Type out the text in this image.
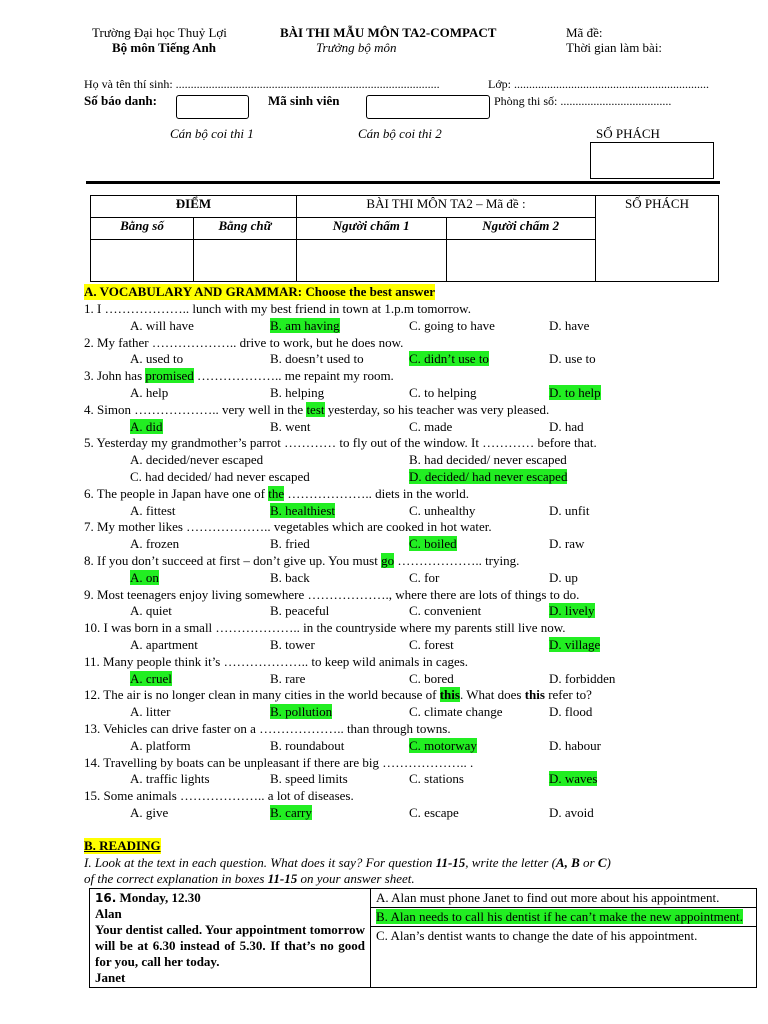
Trường Đại học Thuỷ Lợi
Bộ môn Tiếng Anh
BÀI THI MẪU MÔN TA2-COMPACT
Trưởng bộ môn
Mã đề:
Thời gian làm bài:
Họ và tên thí sinh: ........................................................................................	Lớp: .................................................................
Số báo danh:	Mã sinh viên	Phòng thi số: .....................................
Cán bộ coi thi 1	Cán bộ coi thi 2	SỐ PHÁCH
ĐIỂM		BÀI THI MÔN TA2 – Mã đề :		SỐ PHÁCH
Bằng số	Bằng chữ	Người chấm 1	Người chấm 2	

A. VOCABULARY AND GRAMMAR: Choose the best answer
1. I ……………….. lunch with my best friend in town at 1.p.m tomorrow.
A. will have	B. am having	C. going to have	D. have
2. My father ……………….. drive to work, but he does now.
A. used to	B. doesn’t used to	C. didn’t use to	D. use to
3. John has promised ……………….. me repaint my room.
A. help	B. helping	C. to helping	D. to help
4. Simon ……………….. very well in the test yesterday, so his teacher was very pleased.
A. did	B. went	C. made	D. had
5. Yesterday my grandmother’s parrot ………… to fly out of the window. It ………… before that.
A. decided/never escaped	B. had decided/ never escaped
C. had decided/ had never escaped	D. decided/ had never escaped
6. The people in Japan have one of the ……………….. diets in the world.
A. fittest	B. healthiest	C. unhealthy	D. unfit
7. My mother likes ……………….. vegetables which are cooked in hot water.
A. frozen	B. fried	C. boiled	D. raw
8. If you don’t succeed at first – don’t give up. You must go ……………….. trying.
A. on	B. back	C. for	D. up
9. Most teenagers enjoy living somewhere ………………., where there are lots of things to do.
A. quiet	B. peaceful	C. convenient	D. lively
10. I was born in a small ……………….. in the countryside where my parents still live now.
A. apartment	B. tower	C. forest	D. village
11. Many people think it’s ……………….. to keep wild animals in cages.
A. cruel	B. rare	C. bored	D. forbidden
12. The air is no longer clean in many cities in the world because of this. What does this refer to?
A. litter	B. pollution	C. climate change	D. flood
13. Vehicles can drive faster on a ……………….. than through towns.
A. platform	B. roundabout	C. motorway	D. habour
14. Travelling by boats can be unpleasant if there are big ……………….. .
A. traffic lights	B. speed limits	C. stations	D. waves
15. Some animals ……………….. a lot of diseases.
A. give	B. carry	C. escape	D. avoid
B. READING
I. Look at the text in each question. What does it say? For question 11-15, write the letter (A, B or C)
of the correct explanation in boxes 11-15 on your answer sheet.
16. Monday, 12.30
Alan
Your dentist called. Your appointment tomorrow will be at 6.30 instead of 5.30. If that’s no good for you, call her today.
Janet

A. Alan must phone Janet to find out more about his appointment.
B. Alan needs to call his dentist if he can’t make the new appointment.
C. Alan’s dentist wants to change the date of his appointment.
